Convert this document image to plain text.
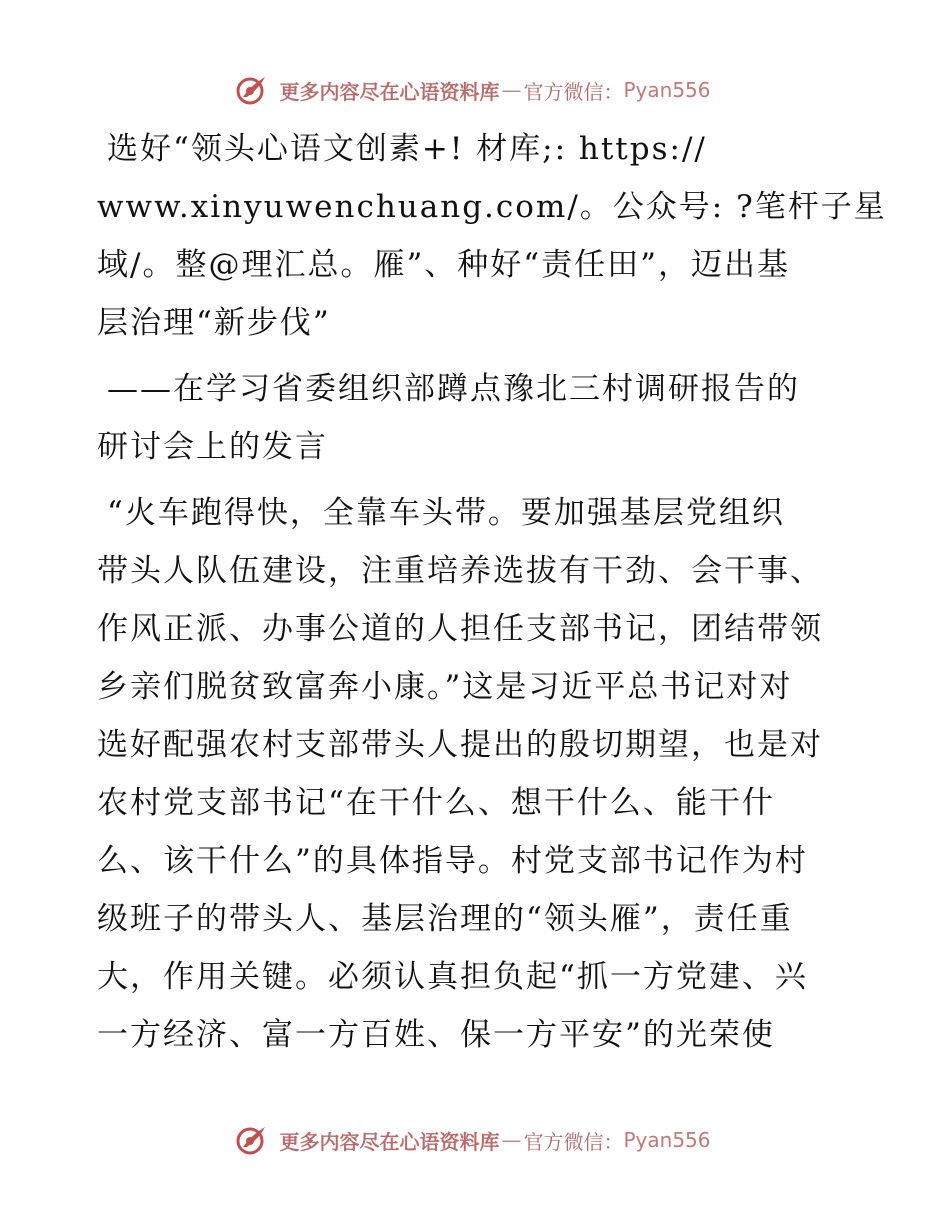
更多内容尽在心语资料库 — 官方微信： Pyan556
选好“领头心语文创素+! 材库;: https://
www.xinyuwenchuang.com/。公众号: ?笔杆子星
域/。整@理汇总。雁”、种好“责任田”，迈出基
层治理“新步伐”
——在学习省委组织部蹲点豫北三村调研报告的
研讨会上的发言
“火车跑得快，全靠车头带。要加强基层党组织
带头人队伍建设，注重培养选拔有干劲、会干事、
作风正派、办事公道的人担任支部书记，团结带领
乡亲们脱贫致富奔小康。”这是习近平总书记对对
选好配强农村支部带头人提出的殷切期望，也是对
农村党支部书记“在干什么、想干什么、能干什
么、该干什么”的具体指导。村党支部书记作为村
级班子的带头人、基层治理的“领头雁”，责任重
大，作用关键。必须认真担负起“抓一方党建、兴
一方经济、富一方百姓、保一方平安”的光荣使
更多内容尽在心语资料库 — 官方微信： Pyan556
